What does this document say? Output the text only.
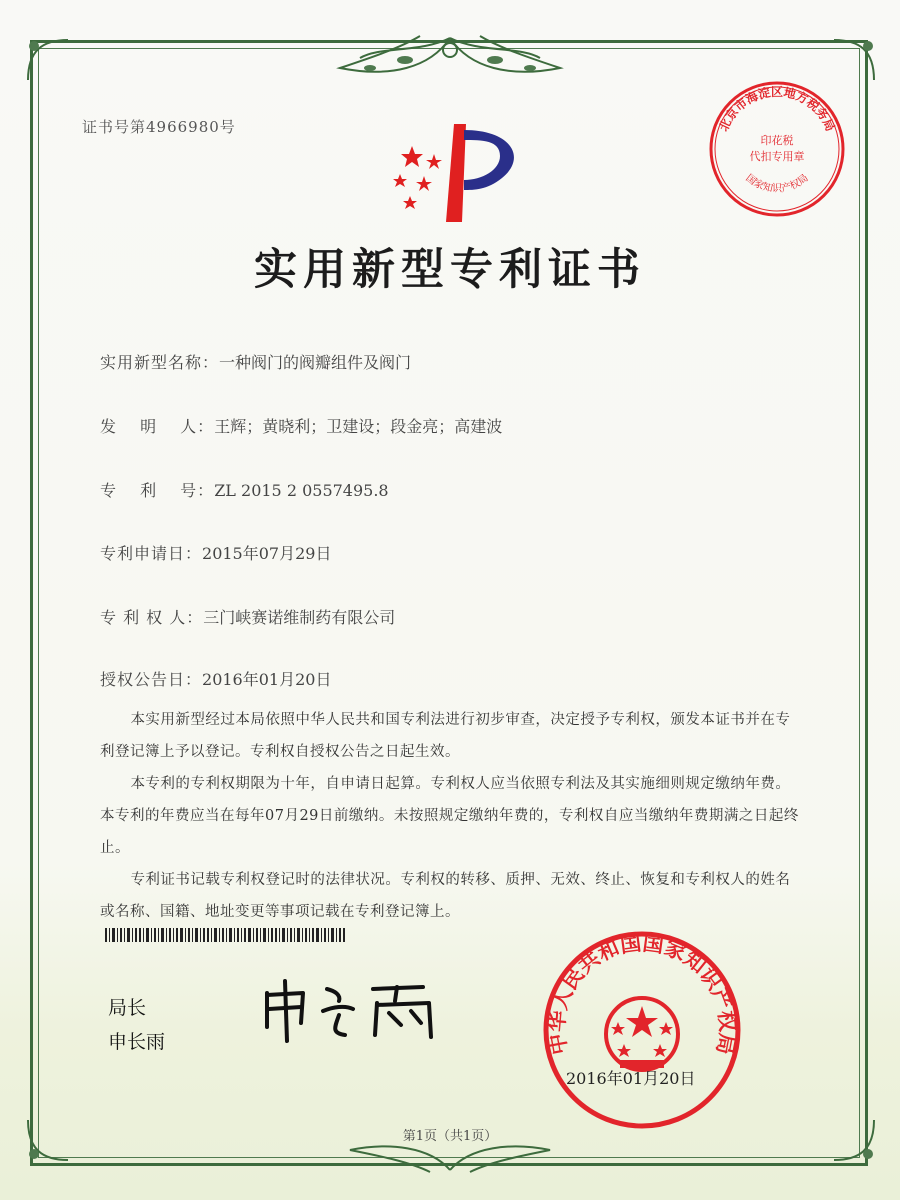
证书号第4966980号	北京市海淀区地方税务局
印花税
代扣专用章
国家知识产权局
实用新型专利证书
实用新型名称：一种阀门的阀瓣组件及阀门
发　 明　 人：王辉；黄晓利；卫建设；段金亮；高建波
专　 利　 号：ZL 2015 2 0557495.8
专利申请日：2015年07月29日
专 利 权 人：三门峡赛诺维制药有限公司
授权公告日：2016年01月20日

本实用新型经过本局依照中华人民共和国专利法进行初步审查，决定授予专利权，颁发本证书并在专利登记簿上予以登记。专利权自授权公告之日起生效。

本专利的专利权期限为十年，自申请日起算。专利权人应当依照专利法及其实施细则规定缴纳年费。本专利的年费应当在每年07月29日前缴纳。未按照规定缴纳年费的，专利权自应当缴纳年费期满之日起终止。

专利证书记载专利权登记时的法律状况。专利权的转移、质押、无效、终止、恢复和专利权人的姓名或名称、国籍、地址变更等事项记载在专利登记簿上。

局长
申长雨	中华人民共和国国家知识产权局
2016年01月20日
第1页（共1页）
